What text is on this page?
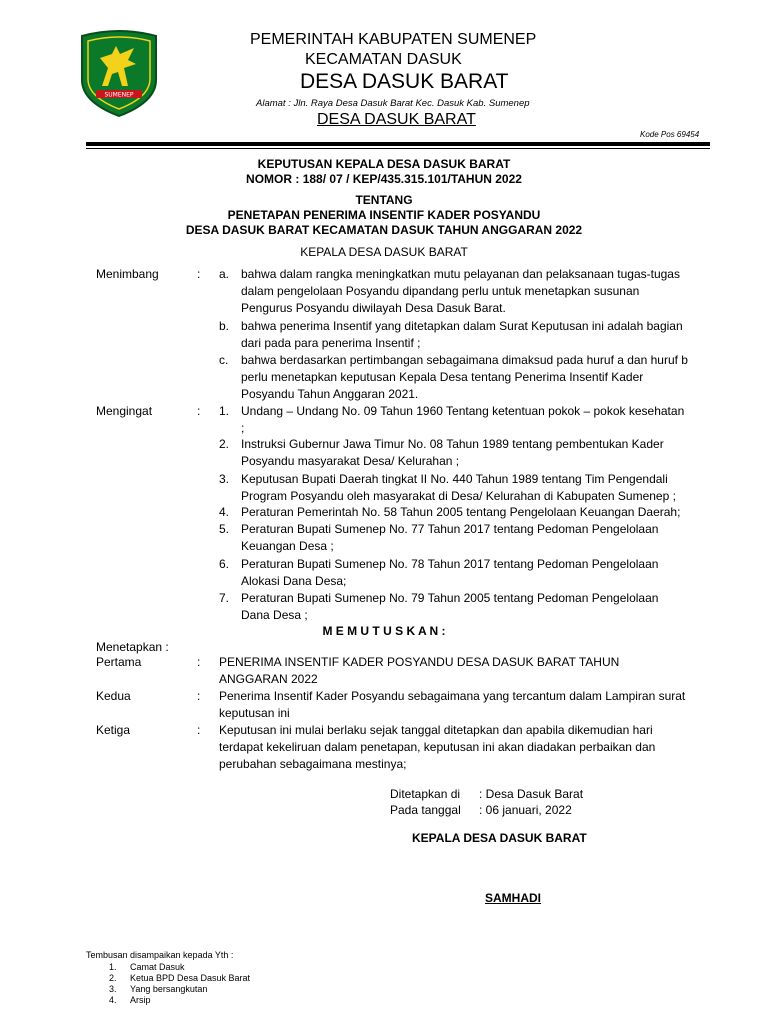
SUMENEP
PEMERINTAH KABUPATEN SUMENEP
KECAMATAN DASUK
DESA DASUK BARAT
Alamat : Jln. Raya Desa Dasuk Barat Kec. Dasuk Kab. Sumenep
DESA DASUK BARAT
Kode Pos 69454
KEPUTUSAN KEPALA DESA DASUK BARAT
NOMOR : 188/ 07 / KEP/435.315.101/TAHUN 2022
TENTANG
PENETAPAN PENERIMA INSENTIF KADER POSYANDU
DESA DASUK BARAT KECAMATAN DASUK TAHUN ANGGARAN 2022
KEPALA DESA DASUK BARAT
Menimbang	: a. bahwa dalam rangka meningkatkan mutu pelayanan dan pelaksanaan tugas-tugas
dalam pengelolaan Posyandu dipandang perlu untuk menetapkan susunan
Pengurus Posyandu diwilayah Desa Dasuk Barat.
b. bahwa penerima Insentif yang ditetapkan dalam Surat Keputusan ini adalah bagian
dari pada para penerima Insentif ;
c. bahwa berdasarkan pertimbangan sebagaimana dimaksud pada huruf a dan huruf b
perlu menetapkan keputusan Kepala Desa tentang Penerima Insentif Kader
Posyandu Tahun Anggaran 2021.
Mengingat	: 1. Undang – Undang No. 09 Tahun 1960 Tentang ketentuan pokok – pokok kesehatan
;
2. Instruksi Gubernur Jawa Timur No. 08 Tahun 1989 tentang pembentukan Kader
Posyandu masyarakat Desa/ Kelurahan ;
3. Keputusan Bupati Daerah tingkat II No. 440 Tahun 1989 tentang Tim Pengendali
Program Posyandu oleh masyarakat di Desa/ Kelurahan di Kabupaten Sumenep ;
4. Peraturan Pemerintah No. 58 Tahun 2005 tentang Pengelolaan Keuangan Daerah;
5. Peraturan Bupati Sumenep No. 77 Tahun 2017 tentang Pedoman Pengelolaan
Keuangan Desa ;
6. Peraturan Bupati Sumenep No. 78 Tahun 2017 tentang Pedoman Pengelolaan
Alokasi Dana Desa;
7. Peraturan Bupati Sumenep No. 79 Tahun 2005 tentang Pedoman Pengelolaan
Dana Desa ;
M E M U T U S K A N :
Menetapkan :
Pertama	: PENERIMA INSENTIF KADER POSYANDU DESA DASUK BARAT TAHUN
ANGGARAN 2022
Kedua	: Penerima Insentif Kader Posyandu sebagaimana yang tercantum dalam Lampiran surat
keputusan ini
Ketiga	: Keputusan ini mulai berlaku sejak tanggal ditetapkan dan apabila dikemudian hari
terdapat kekeliruan dalam penetapan, keputusan ini akan diadakan perbaikan dan
perubahan sebagaimana mestinya;
Ditetapkan di : Desa Dasuk Barat
Pada tanggal : 06 januari, 2022
KEPALA DESA DASUK BARAT
SAMHADI
Tembusan disampaikan kepada Yth :
1. Camat Dasuk
2. Ketua BPD Desa Dasuk Barat
3. Yang bersangkutan
4. Arsip
